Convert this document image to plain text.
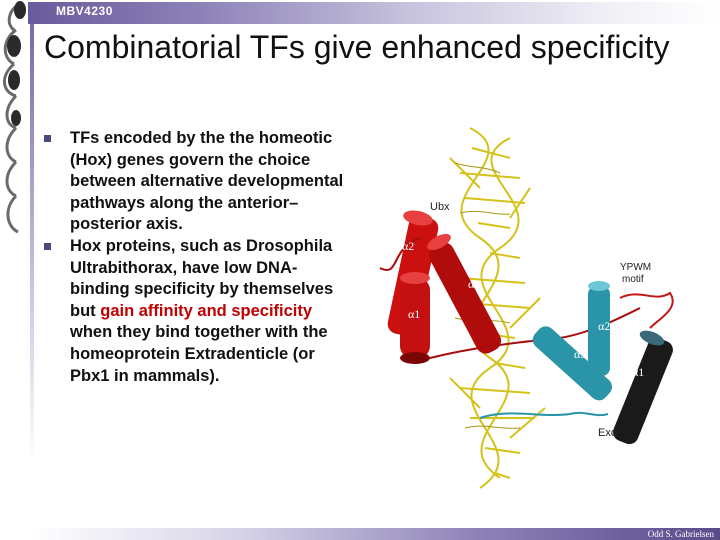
MBV4230
Combinatorial TFs give enhanced specificity
TFs encoded by the the homeotic (Hox) genes govern the choice between alternative developmental pathways along the anterior–posterior axis.
Hox proteins, such as Drosophila Ultrabithorax, have low DNA-binding specificity by themselves but gain affinity and specificity when they bind together with the homeoprotein Extradenticle (or Pbx1 in mammals).
Ubx
YPWM motif
Exd
α2
α3
α1
α2
α3
α1
Odd S. Gabrielsen
